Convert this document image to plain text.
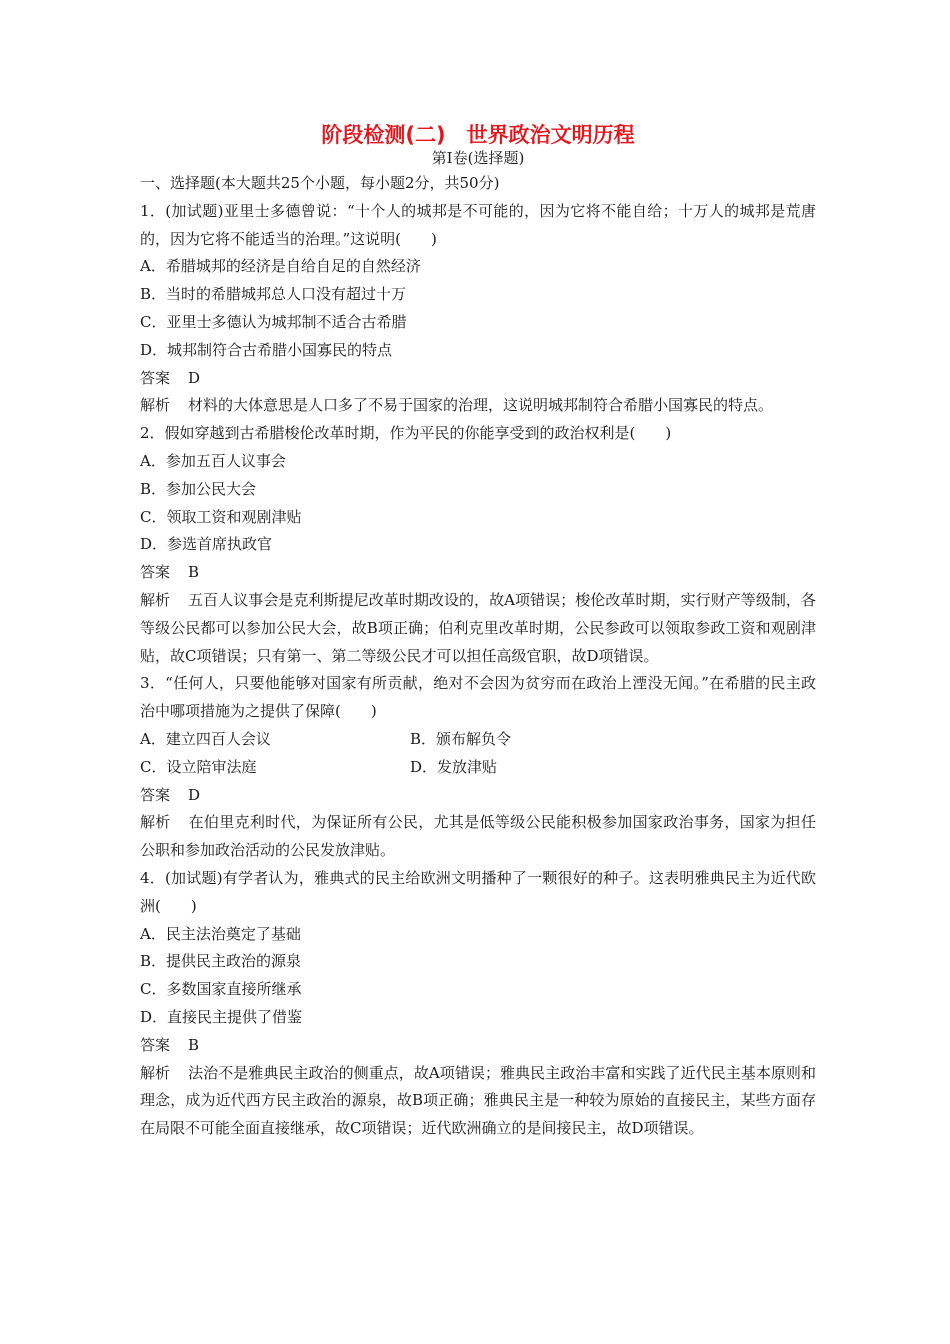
阶段检测(二)　世界政治文明历程

第Ⅰ卷(选择题)

一、选择题(本大题共25个小题，每小题2分，共50分)

1．(加试题)亚里士多德曾说：“十个人的城邦是不可能的，因为它将不能自给；十万人的城邦是荒唐的，因为它将不能适当的治理。”这说明(　　)

A．希腊城邦的经济是自给自足的自然经济

B．当时的希腊城邦总人口没有超过十万

C．亚里士多德认为城邦制不适合古希腊

D．城邦制符合古希腊小国寡民的特点

答案 D

解析 材料的大体意思是人口多了不易于国家的治理，这说明城邦制符合希腊小国寡民的特点。

2．假如穿越到古希腊梭伦改革时期，作为平民的你能享受到的政治权利是(　　)

A．参加五百人议事会

B．参加公民大会

C．领取工资和观剧津贴

D．参选首席执政官

答案 B

解析 五百人议事会是克利斯提尼改革时期改设的，故A项错误；梭伦改革时期，实行财产等级制，各等级公民都可以参加公民大会，故B项正确；伯利克里改革时期，公民参政可以领取参政工资和观剧津贴，故C项错误；只有第一、第二等级公民才可以担任高级官职，故D项错误。

3．“任何人，只要他能够对国家有所贡献，绝对不会因为贫穷而在政治上湮没无闻。”在希腊的民主政治中哪项措施为之提供了保障(　　)

A．建立四百人会议	B．颁布解负令
C．设立陪审法庭	D．发放津贴

答案 D

解析 在伯里克利时代，为保证所有公民，尤其是低等级公民能积极参加国家政治事务，国家为担任公职和参加政治活动的公民发放津贴。

4．(加试题)有学者认为，雅典式的民主给欧洲文明播种了一颗很好的种子。这表明雅典民主为近代欧洲(　　)

A．民主法治奠定了基础

B．提供民主政治的源泉

C．多数国家直接所继承

D．直接民主提供了借鉴

答案 B

解析 法治不是雅典民主政治的侧重点，故A项错误；雅典民主政治丰富和实践了近代民主基本原则和理念，成为近代西方民主政治的源泉，故B项正确；雅典民主是一种较为原始的直接民主，某些方面存在局限不可能全面直接继承，故C项错误；近代欧洲确立的是间接民主，故D项错误。
